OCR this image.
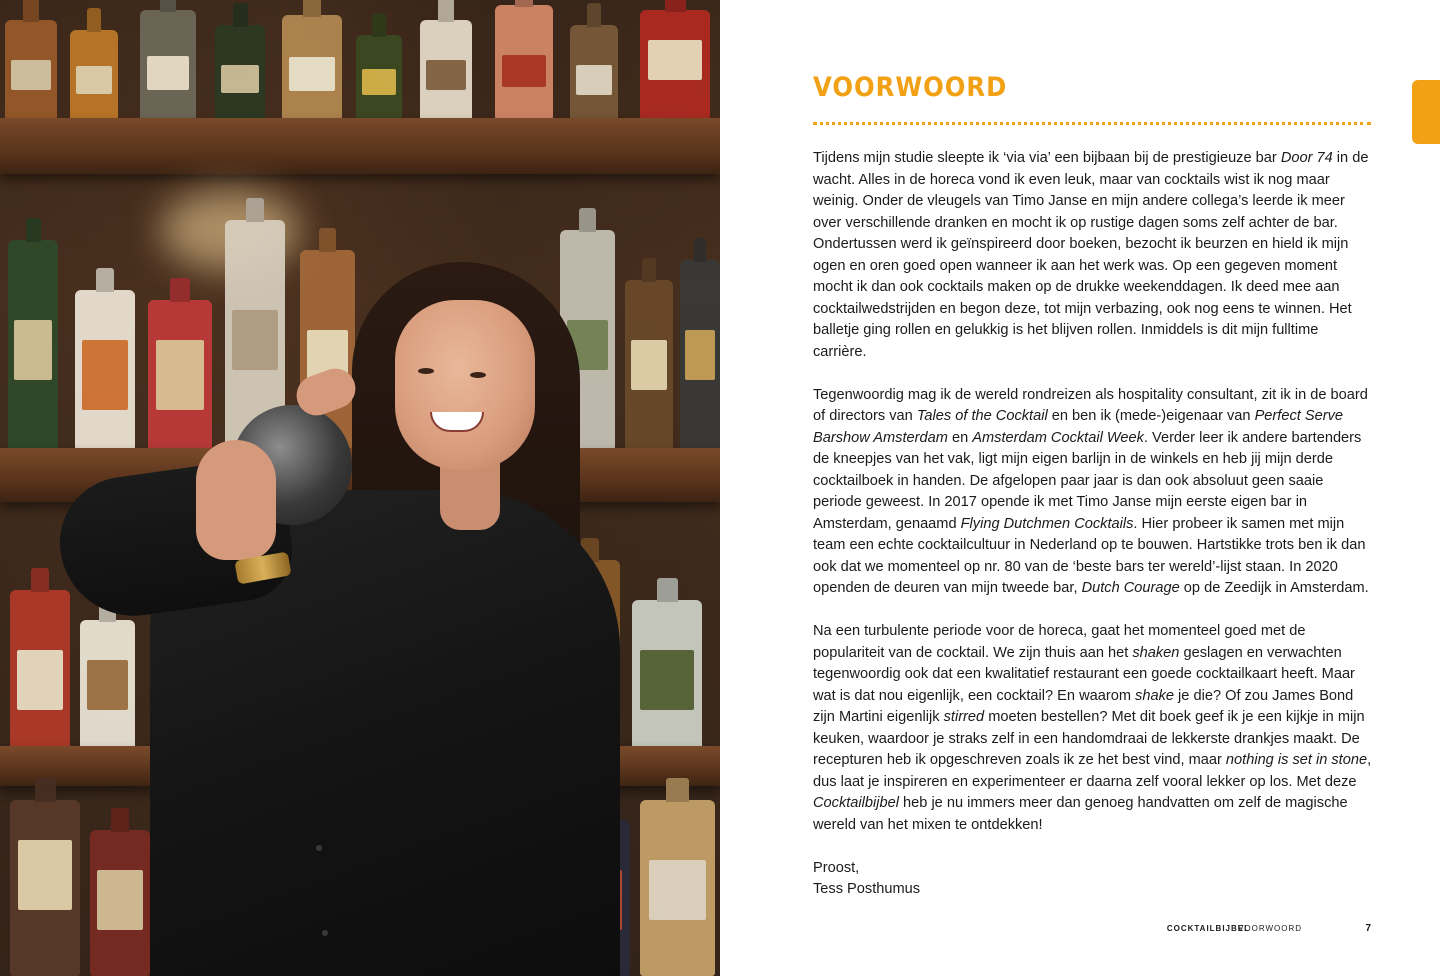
VOORWOORD

Tijdens mijn studie sleepte ik ‘via via’ een bijbaan bij de prestigieuze bar Door 74 in de wacht. Alles in de horeca vond ik even leuk, maar van cocktails wist ik nog maar weinig. Onder de vleugels van Timo Janse en mijn andere collega’s leerde ik meer over verschillende dranken en mocht ik op rustige dagen soms zelf achter de bar. Ondertussen werd ik geïnspireerd door boeken, bezocht ik beurzen en hield ik mijn ogen en oren goed open wanneer ik aan het werk was. Op een gegeven moment mocht ik dan ook cocktails maken op de drukke weekenddagen. Ik deed mee aan cocktailwedstrijden en begon deze, tot mijn verbazing, ook nog eens te winnen. Het balletje ging rollen en gelukkig is het blijven rollen. Inmiddels is dit mijn fulltime carrière.

Tegenwoordig mag ik de wereld rondreizen als hospitality consultant, zit ik in de board of directors van Tales of the Cocktail en ben ik (mede-)eigenaar van Perfect Serve Barshow Amsterdam en Amsterdam Cocktail Week. Verder leer ik andere bartenders de kneepjes van het vak, ligt mijn eigen barlijn in de winkels en heb jij mijn derde cocktailboek in handen. De afgelopen paar jaar is dan ook absoluut geen saaie periode geweest. In 2017 opende ik met Timo Janse mijn eerste eigen bar in Amsterdam, genaamd Flying Dutchmen Cocktails. Hier probeer ik samen met mijn team een echte cocktailcultuur in Nederland op te bouwen. Hartstikke trots ben ik dan ook dat we momenteel op nr. 80 van de ‘beste bars ter wereld’-lijst staan. In 2020 openden de deuren van mijn tweede bar, Dutch Courage op de Zeedijk in Amsterdam.

Na een turbulente periode voor de horeca, gaat het momenteel goed met de populariteit van de cocktail. We zijn thuis aan het shaken geslagen en verwachten tegenwoordig ook dat een kwalitatief restaurant een goede cocktailkaart heeft. Maar wat is dat nou eigenlijk, een cocktail? En waarom shake je die? Of zou James Bond zijn Martini eigenlijk stirred moeten bestellen? Met dit boek geef ik je een kijkje in mijn keuken, waardoor je straks zelf in een handomdraai de lekkerste drankjes maakt. De recepturen heb ik opgeschreven zoals ik ze het best vind, maar nothing is set in stone, dus laat je inspireren en experimenteer er daarna zelf vooral lekker op los. Met deze Cocktailbijbel heb je nu immers meer dan genoeg handvatten om zelf de magische wereld van het mixen te ontdekken!

Proost,

Tess Posthumus

COCKTAILBIJBEL
VOORWOORD	7
